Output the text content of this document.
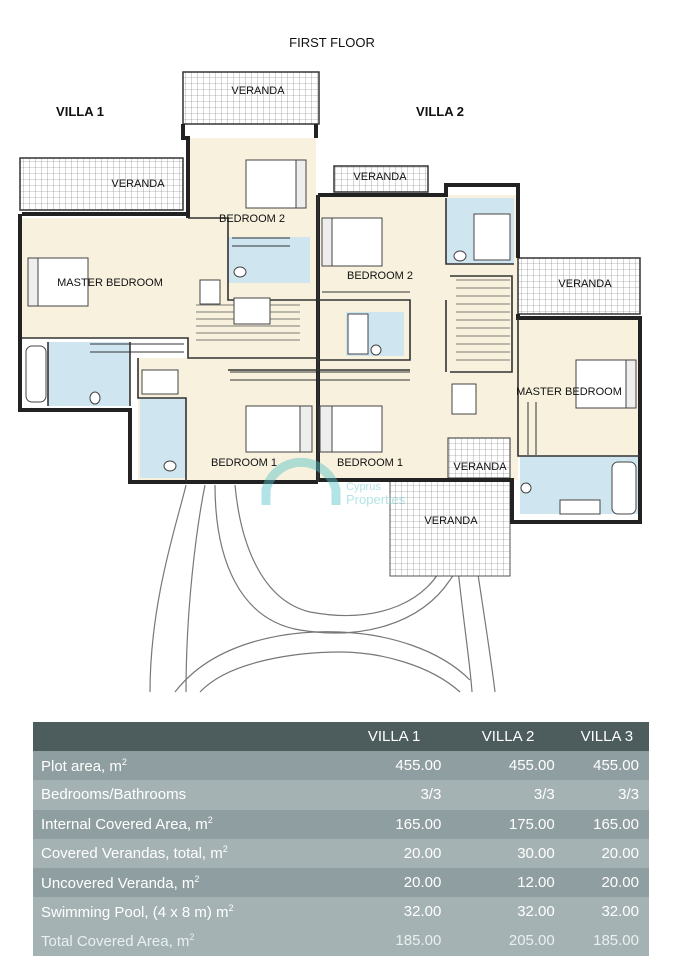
FIRST FLOOR
VILLA 1	VILLA 2
VERANDA
VERANDA
VERANDA
VERANDA
VERANDA
VERANDA
MASTER BEDROOM
BEDROOM 2
BEDROOM 2
MASTER BEDROOM
BEDROOM 1	BEDROOM 1
Cyprus
Properties
	VILLA 1	VILLA 2	VILLA 3
Plot area, $m^2$	455.00	455.00	455.00
Bedrooms/Bathrooms	3/3	3/3	3/3
Internal Covered Area, $m^2$	165.00	175.00	165.00
Covered Verandas, total, $m^2$	20.00	30.00	20.00
Uncovered Veranda, $m^2$	20.00	12.00	20.00
Swimming Pool, (4 x 8 m) $m^2$	32.00	32.00	32.00
Total Covered Area, $m^2$	185.00	205.00	185.00
